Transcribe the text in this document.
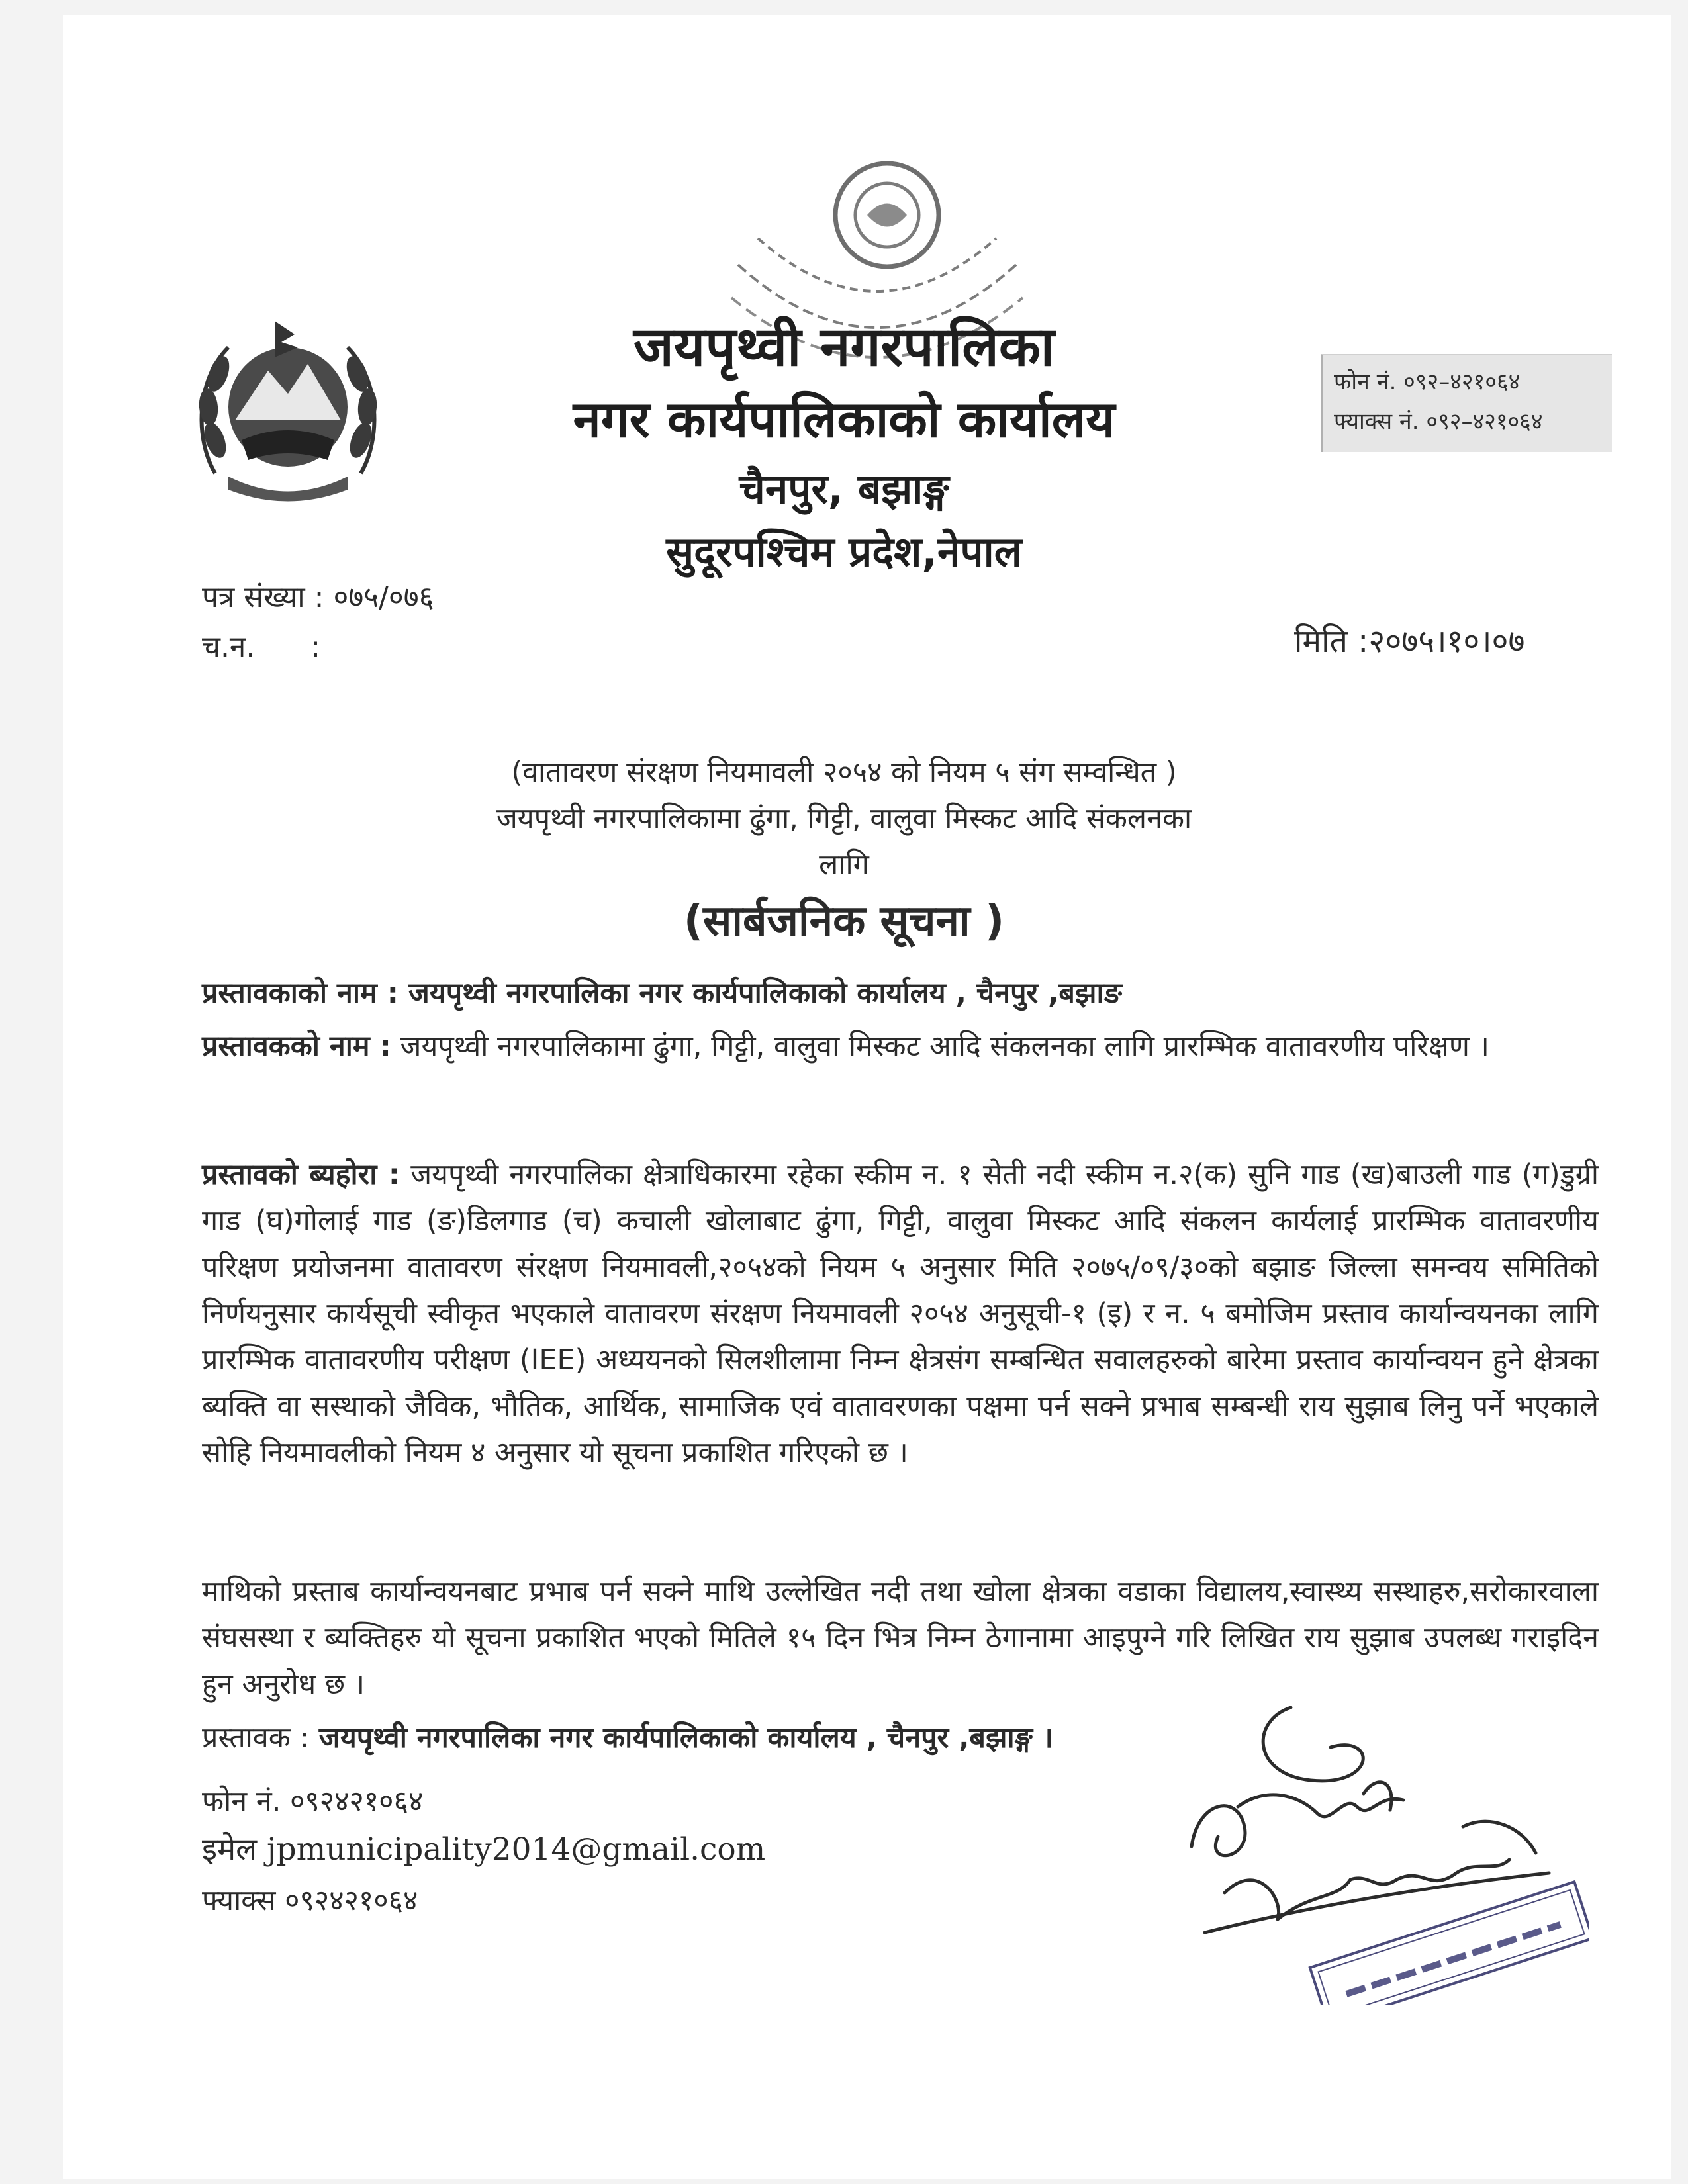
जयपृथ्वी नगरपालिका
नगर कार्यपालिकाको कार्यालय
चैनपुर, बझाङ्ग
सुदूरपश्चिम प्रदेश,नेपाल
फोन नं. ०९२–४२१०६४
फ्याक्स नं. ०९२–४२१०६४
पत्र संख्या : ०७५/०७६
च.न.      :	मिति :२०७५।१०।०७
(वातावरण संरक्षण नियमावली २०५४ को नियम ५ संग सम्वन्धित )
जयपृथ्वी नगरपालिकामा ढुंगा, गिट्टी, वालुवा मिस्कट आदि संकलनका
लागि
(सार्बजनिक सूचना )
प्रस्तावकाको नाम : जयपृथ्वी नगरपालिका नगर कार्यपालिकाको कार्यालय , चैनपुर ,बझाङ
प्रस्तावकको नाम : जयपृथ्वी नगरपालिकामा ढुंगा, गिट्टी, वालुवा मिस्कट आदि संकलनका लागि प्रारम्भिक वातावरणीय परिक्षण ।
प्रस्तावको ब्यहोरा : जयपृथ्वी नगरपालिका क्षेत्राधिकारमा रहेका स्कीम न. १ सेती नदी स्कीम न.२(क) सुनि गाड (ख)बाउली गाड (ग)डुग्री गाड (घ)गोलाई गाड (ङ)डिलगाड (च) कचाली खोलाबाट ढुंगा, गिट्टी, वालुवा मिस्कट आदि संकलन कार्यलाई प्रारम्भिक वातावरणीय परिक्षण प्रयोजनमा वातावरण संरक्षण नियमावली,२०५४को नियम ५ अनुसार मिति २०७५/०९/३०को बझाङ जिल्ला समन्वय समितिको निर्णयनुसार कार्यसूची स्वीकृत भएकाले वातावरण संरक्षण नियमावली २०५४ अनुसूची-१ (इ) र न. ५ बमोजिम प्रस्ताव कार्यान्वयनका लागि प्रारम्भिक वातावरणीय परीक्षण (IEE) अध्ययनको सिलशीलामा निम्न क्षेत्रसंग सम्बन्धित सवालहरुको बारेमा प्रस्ताव कार्यान्वयन हुने क्षेत्रका ब्यक्ति वा सस्थाको जैविक, भौतिक, आर्थिक, सामाजिक एवं वातावरणका पक्षमा पर्न सक्ने प्रभाब सम्बन्धी राय सुझाब लिनु पर्ने भएकाले सोहि नियमावलीको नियम ४ अनुसार यो सूचना प्रकाशित गरिएको छ ।
माथिको प्रस्ताब कार्यान्वयनबाट प्रभाब पर्न सक्ने माथि उल्लेखित नदी तथा खोला क्षेत्रका वडाका विद्यालय,स्वास्थ्य सस्थाहरु,सरोकारवाला संघसस्था र ब्यक्तिहरु यो सूचना प्रकाशित भएको मितिले १५ दिन भित्र निम्न ठेगानामा आइपुग्ने गरि लिखित राय सुझाब उपलब्ध गराइदिन हुन अनुरोध छ ।
प्रस्तावक : जयपृथ्वी नगरपालिका नगर कार्यपालिकाको कार्यालय , चैनपुर ,बझाङ्ग ।
फोन नं. ०९२४२१०६४
इमेल jpmunicipality2014@gmail.com
फ्याक्स ०९२४२१०६४
